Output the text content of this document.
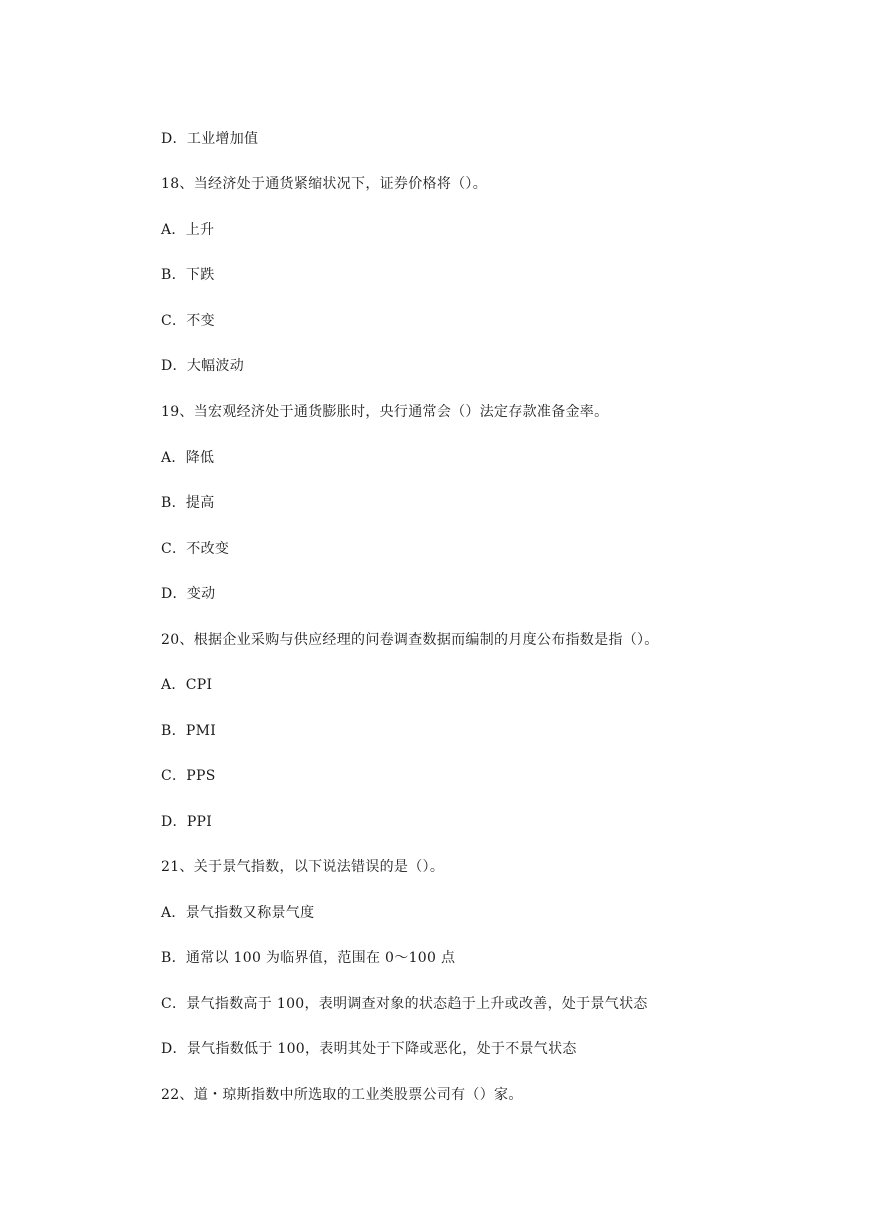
D．工业增加值
18、当经济处于通货紧缩状况下，证券价格将（）。
A．上升
B．下跌
C．不变
D．大幅波动
19、当宏观经济处于通货膨胀时，央行通常会（）法定存款准备金率。
A．降低
B．提高
C．不改变
D．变动
20、根据企业采购与供应经理的问卷调查数据而编制的月度公布指数是指（）。
A．CPI
B．PMI
C．PPS
D．PPI
21、关于景气指数，以下说法错误的是（）。
A．景气指数又称景气度
B．通常以 100 为临界值，范围在 0～100 点
C．景气指数高于 100，表明调查对象的状态趋于上升或改善，处于景气状态
D．景气指数低于 100，表明其处于下降或恶化，处于不景气状态
22、道・琼斯指数中所选取的工业类股票公司有（）家。
